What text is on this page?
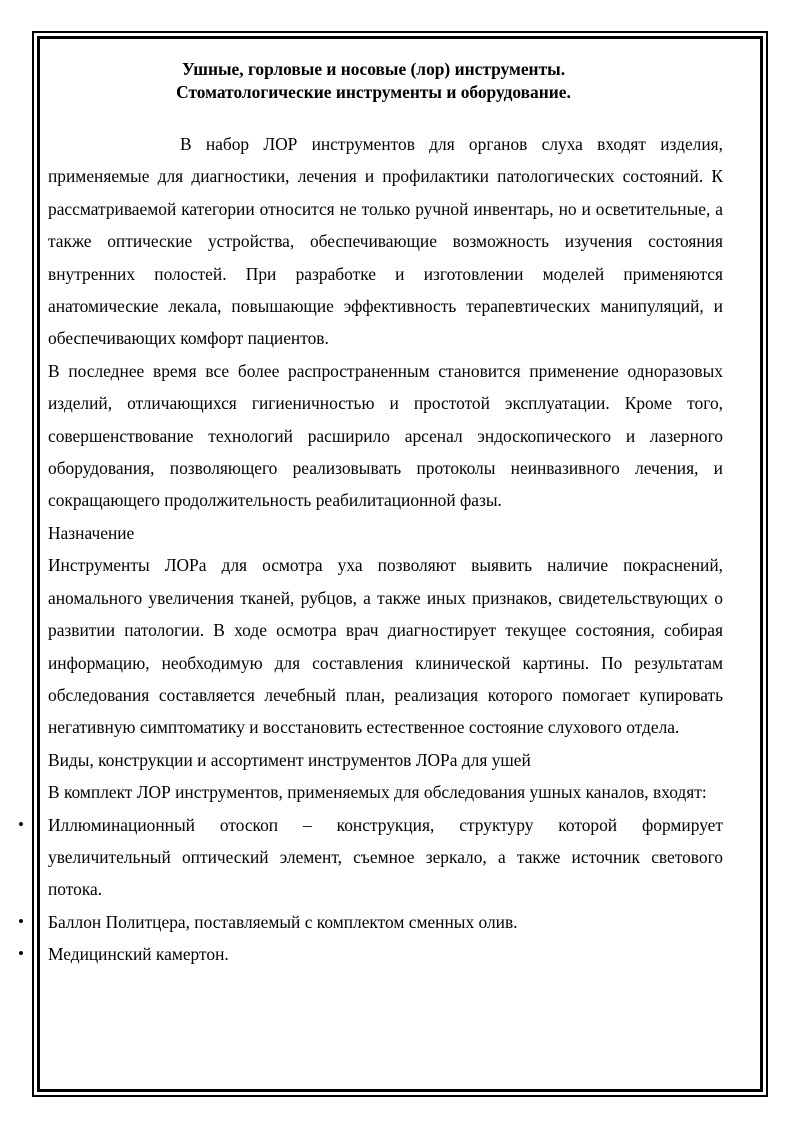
Ушные, горловые и носовые (лор) инструменты.
Стоматологические инструменты и оборудование.

В набор ЛОР инструментов для органов слуха входят изделия, применяемые для диагностики, лечения и профилактики патологических состояний. К рассматриваемой категории относится не только ручной инвентарь, но и осветительные, а также оптические устройства, обеспечивающие возможность изучения состояния внутренних полостей. При разработке и изготовлении моделей применяются анатомические лекала, повышающие эффективность терапевтических манипуляций, и обеспечивающих комфорт пациентов.

В последнее время все более распространенным становится применение одноразовых изделий, отличающихся гигиеничностью и простотой эксплуатации. Кроме того, совершенствование технологий расширило арсенал эндоскопического и лазерного оборудования, позволяющего реализовывать протоколы неинвазивного лечения, и сокращающего продолжительность реабилитационной фазы.

Назначение

Инструменты ЛОРа для осмотра уха позволяют выявить наличие покраснений, аномального увеличения тканей, рубцов, а также иных признаков, свидетельствующих о развитии патологии. В ходе осмотра врач диагностирует текущее состояния, собирая информацию, необходимую для составления клинической картины. По результатам обследования составляется лечебный план, реализация которого помогает купировать негативную симптоматику и восстановить естественное состояние слухового отдела.

Виды, конструкции и ассортимент инструментов ЛОРа для ушей

В комплект ЛОР инструментов, применяемых для обследования ушных каналов, входят:

• Иллюминационный отоскоп – конструкция, структуру которой формирует увеличительный оптический элемент, съемное зеркало, а также источник светового потока.
• Баллон Политцера, поставляемый с комплектом сменных олив.
• Медицинский камертон.
